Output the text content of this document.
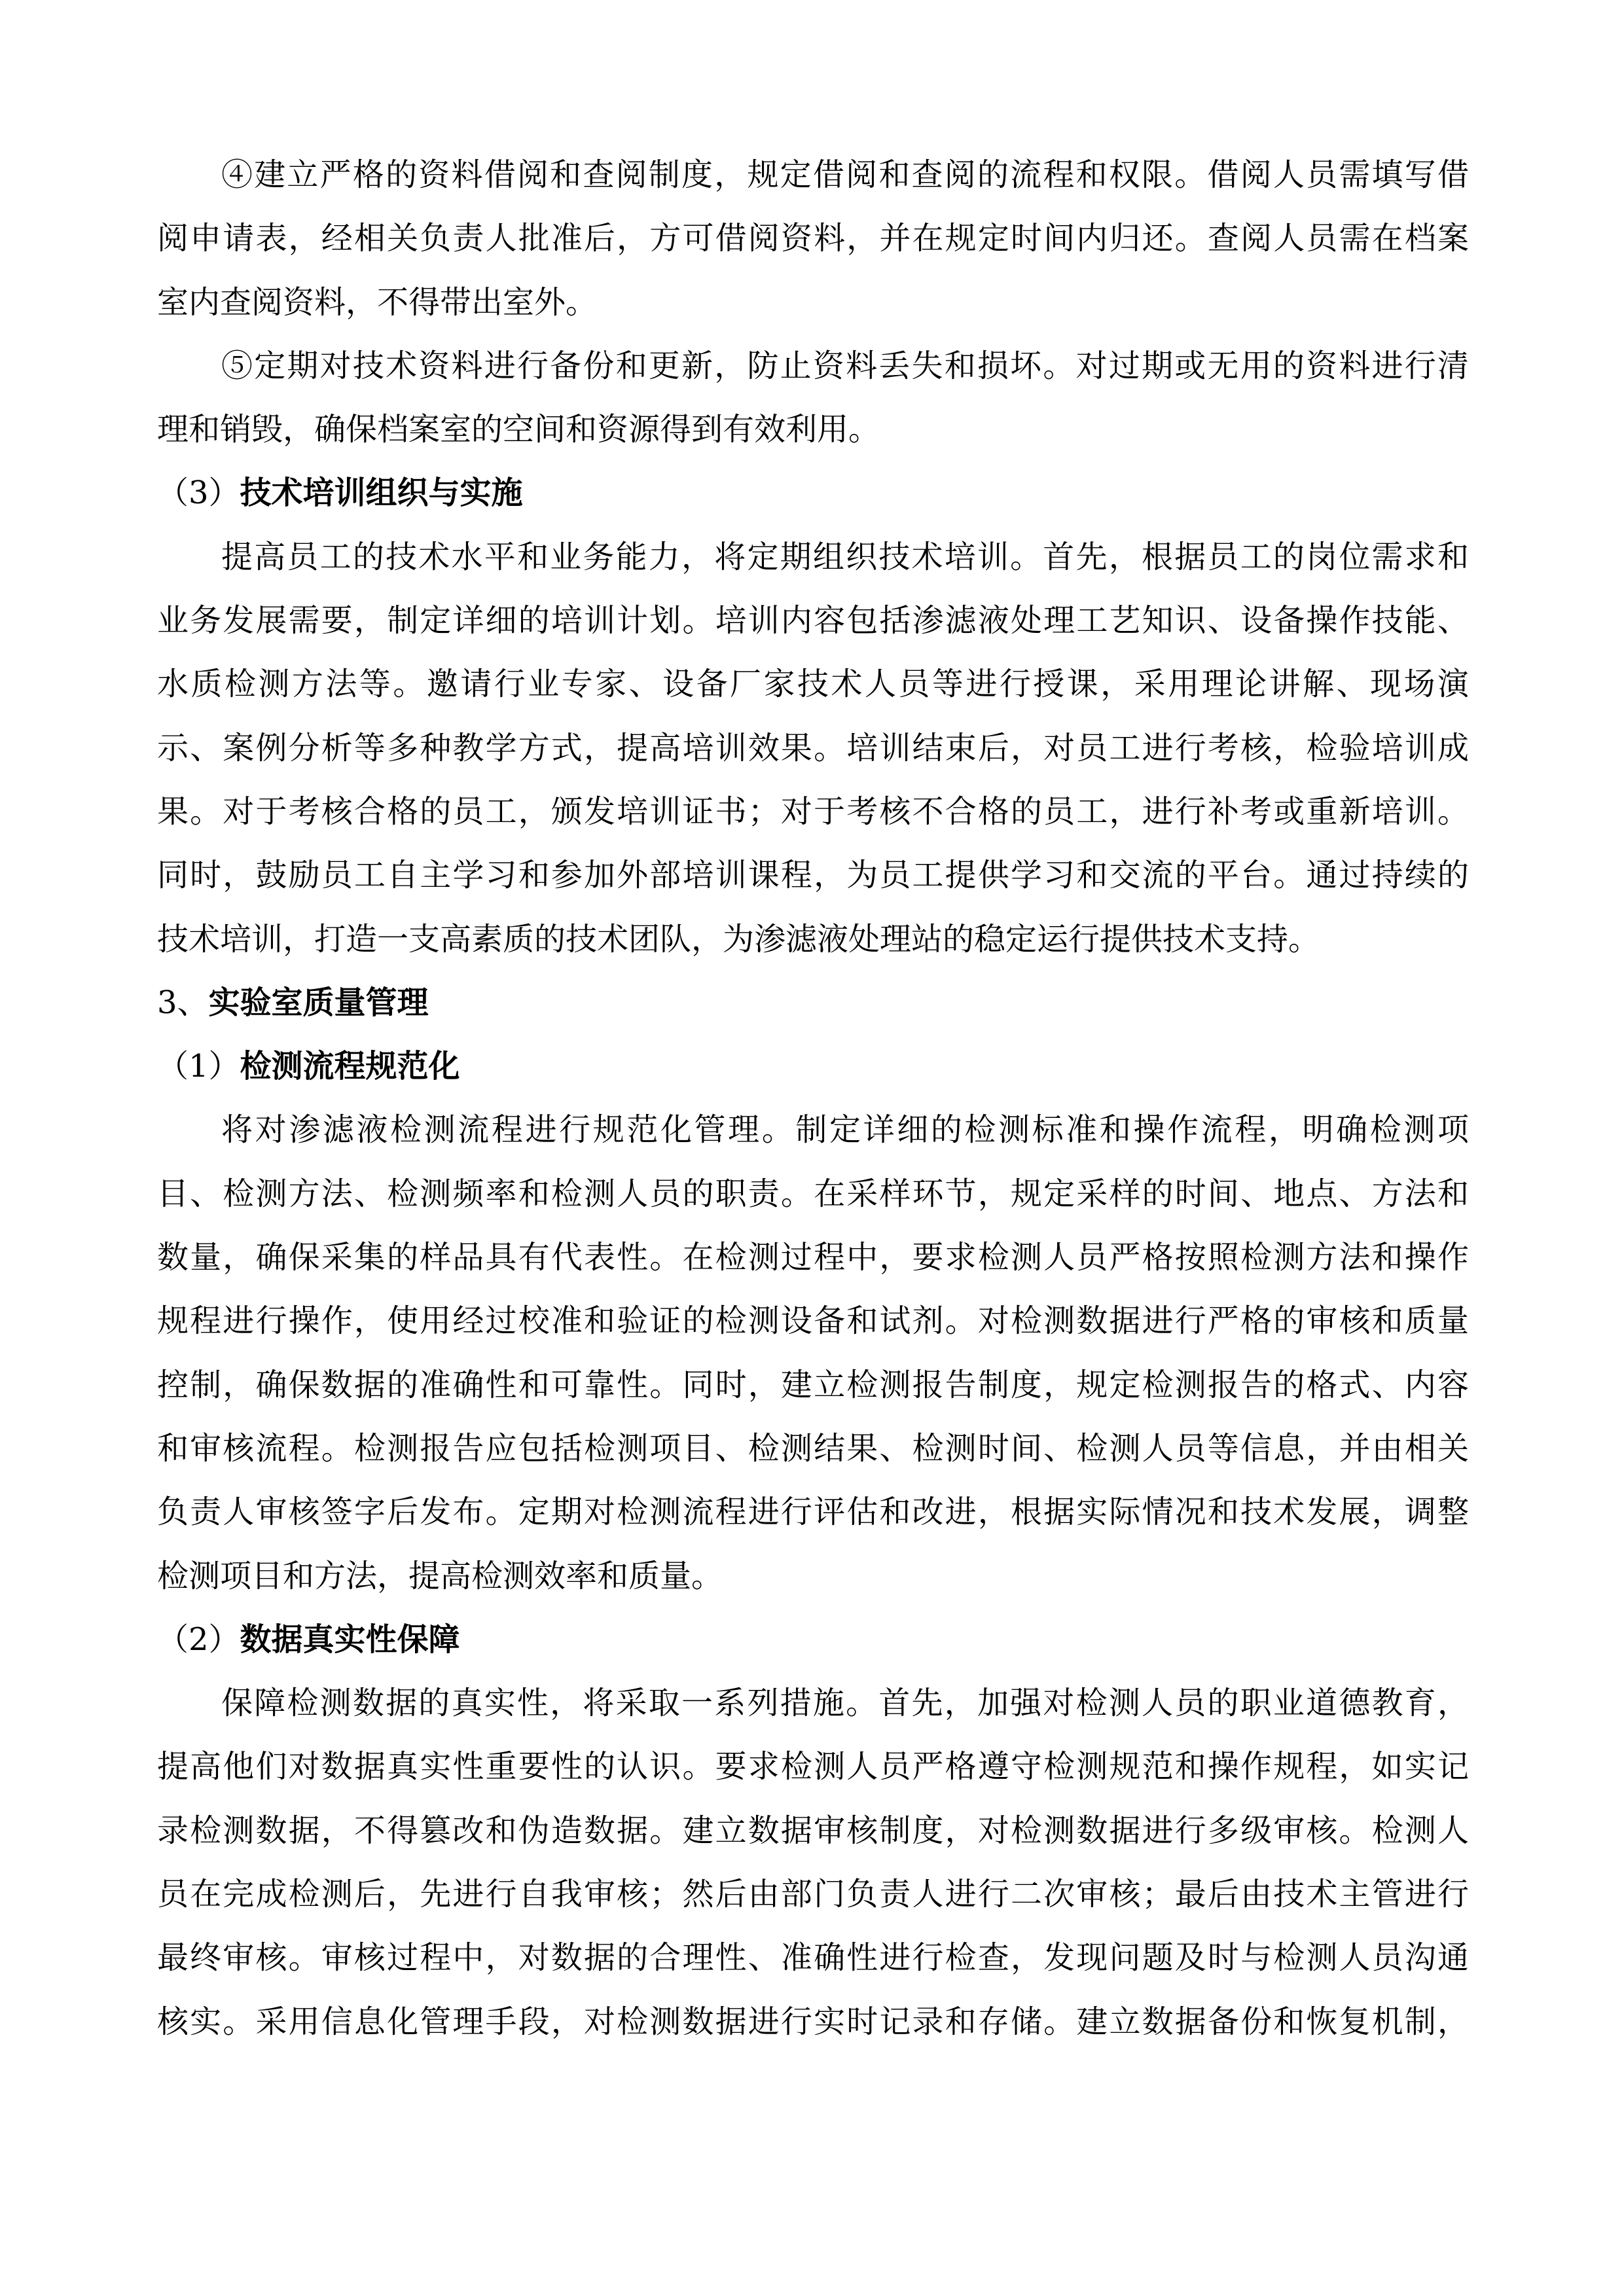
④建立严格的资料借阅和查阅制度，规定借阅和查阅的流程和权限。借阅人员需填写借
阅申请表，经相关负责人批准后，方可借阅资料，并在规定时间内归还。查阅人员需在档案
室内查阅资料，不得带出室外。
⑤定期对技术资料进行备份和更新，防止资料丢失和损坏。对过期或无用的资料进行清
理和销毁，确保档案室的空间和资源得到有效利用。
（3）技术培训组织与实施
提高员工的技术水平和业务能力，将定期组织技术培训。首先，根据员工的岗位需求和
业务发展需要，制定详细的培训计划。培训内容包括渗滤液处理工艺知识、设备操作技能、
水质检测方法等。邀请行业专家、设备厂家技术人员等进行授课，采用理论讲解、现场演
示、案例分析等多种教学方式，提高培训效果。培训结束后，对员工进行考核，检验培训成
果。对于考核合格的员工，颁发培训证书；对于考核不合格的员工，进行补考或重新培训。
同时，鼓励员工自主学习和参加外部培训课程，为员工提供学习和交流的平台。通过持续的
技术培训，打造一支高素质的技术团队，为渗滤液处理站的稳定运行提供技术支持。
3、实验室质量管理
（1）检测流程规范化
将对渗滤液检测流程进行规范化管理。制定详细的检测标准和操作流程，明确检测项
目、检测方法、检测频率和检测人员的职责。在采样环节，规定采样的时间、地点、方法和
数量，确保采集的样品具有代表性。在检测过程中，要求检测人员严格按照检测方法和操作
规程进行操作，使用经过校准和验证的检测设备和试剂。对检测数据进行严格的审核和质量
控制，确保数据的准确性和可靠性。同时，建立检测报告制度，规定检测报告的格式、内容
和审核流程。检测报告应包括检测项目、检测结果、检测时间、检测人员等信息，并由相关
负责人审核签字后发布。定期对检测流程进行评估和改进，根据实际情况和技术发展，调整
检测项目和方法，提高检测效率和质量。
（2）数据真实性保障
保障检测数据的真实性，将采取一系列措施。首先，加强对检测人员的职业道德教育，
提高他们对数据真实性重要性的认识。要求检测人员严格遵守检测规范和操作规程，如实记
录检测数据，不得篡改和伪造数据。建立数据审核制度，对检测数据进行多级审核。检测人
员在完成检测后，先进行自我审核；然后由部门负责人进行二次审核；最后由技术主管进行
最终审核。审核过程中，对数据的合理性、准确性进行检查，发现问题及时与检测人员沟通
核实。采用信息化管理手段，对检测数据进行实时记录和存储。建立数据备份和恢复机制，
